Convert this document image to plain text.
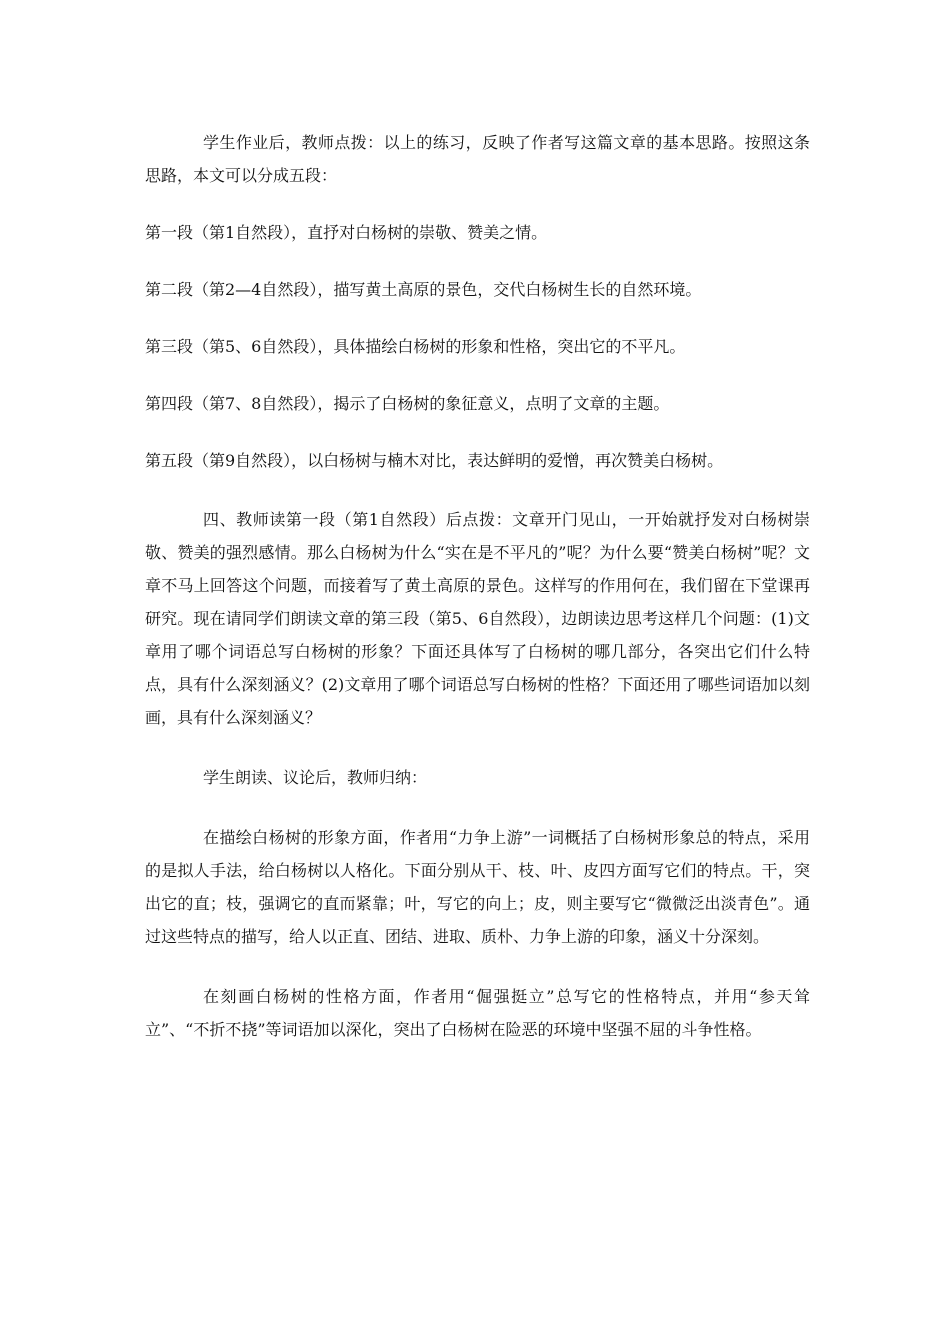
学生作业后，教师点拨：以上的练习，反映了作者写这篇文章的基本思路。按照这条思路，本文可以分成五段：

第一段（第1自然段），直抒对白杨树的崇敬、赞美之情。

第二段（第2—4自然段），描写黄土高原的景色，交代白杨树生长的自然环境。

第三段（第5、6自然段），具体描绘白杨树的形象和性格，突出它的不平凡。

第四段（第7、8自然段），揭示了白杨树的象征意义，点明了文章的主题。

第五段（第9自然段），以白杨树与楠木对比，表达鲜明的爱憎，再次赞美白杨树。

四、教师读第一段（第1自然段）后点拨：文章开门见山，一开始就抒发对白杨树崇敬、赞美的强烈感情。那么白杨树为什么“实在是不平凡的”呢？为什么要“赞美白杨树”呢？文章不马上回答这个问题，而接着写了黄土高原的景色。这样写的作用何在，我们留在下堂课再研究。现在请同学们朗读文章的第三段（第5、6自然段），边朗读边思考这样几个问题：(1)文章用了哪个词语总写白杨树的形象？下面还具体写了白杨树的哪几部分，各突出它们什么特点，具有什么深刻涵义？(2)文章用了哪个词语总写白杨树的性格？下面还用了哪些词语加以刻画，具有什么深刻涵义？

学生朗读、议论后，教师归纳：

在描绘白杨树的形象方面，作者用“力争上游”一词概括了白杨树形象总的特点，采用的是拟人手法，给白杨树以人格化。下面分别从干、枝、叶、皮四方面写它们的特点。干，突出它的直；枝，强调它的直而紧靠；叶，写它的向上；皮，则主要写它“微微泛出淡青色”。通过这些特点的描写，给人以正直、团结、进取、质朴、力争上游的印象，涵义十分深刻。

在刻画白杨树的性格方面，作者用“倔强挺立”总写它的性格特点，并用“参天耸立”、“不折不挠”等词语加以深化，突出了白杨树在险恶的环境中坚强不屈的斗争性格。
